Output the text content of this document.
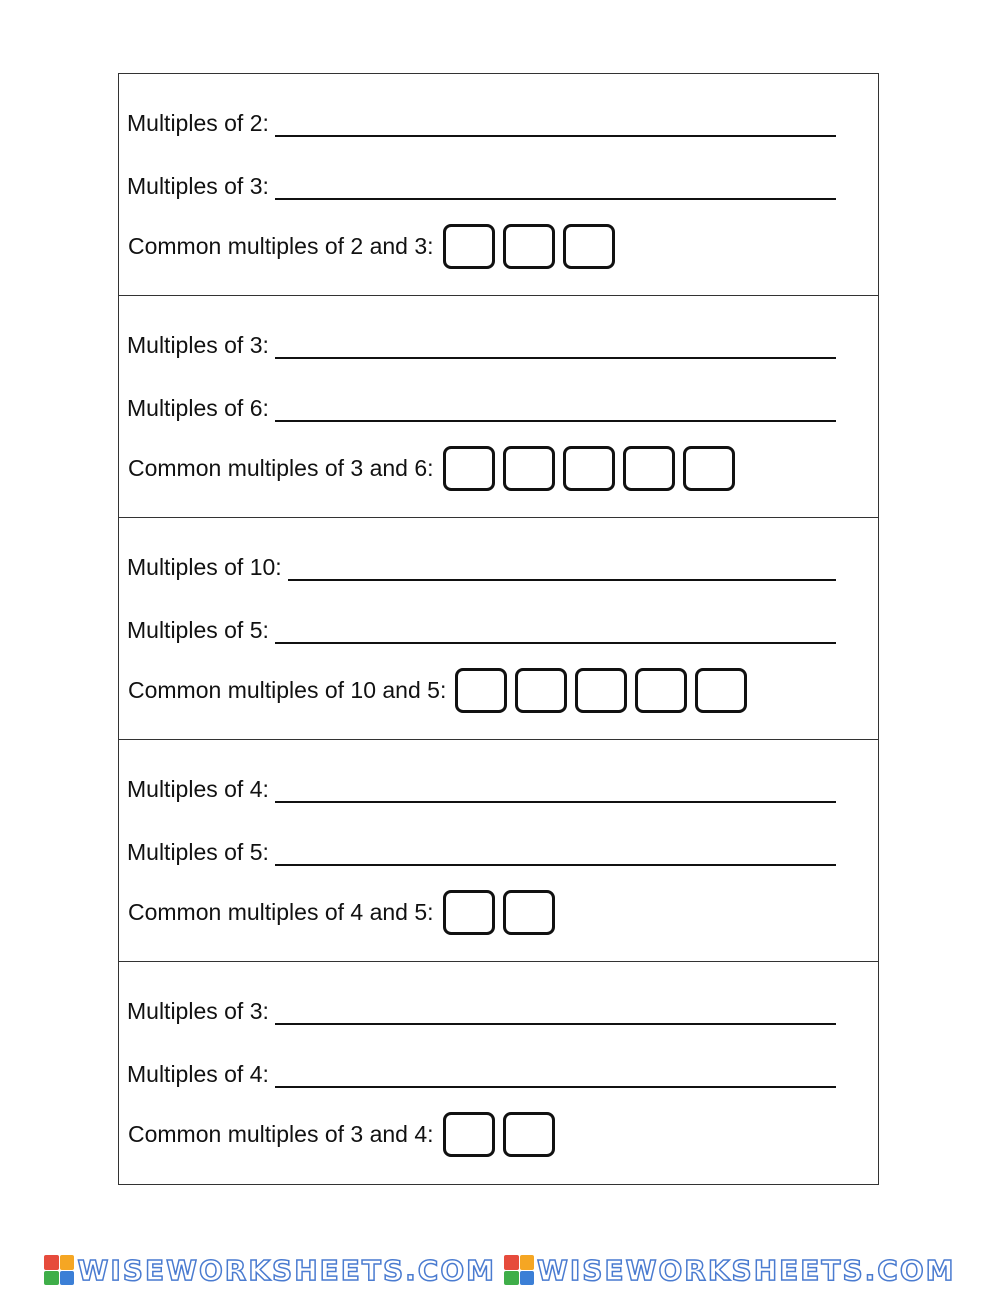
Multiples of 2:
Multiples of 3:
Common multiples of 2 and 3:
Multiples of 3:
Multiples of 6:
Common multiples of 3 and 6:
Multiples of 10:
Multiples of 5:
Common multiples of 10 and 5:
Multiples of 4:
Multiples of 5:
Common multiples of 4 and 5:
Multiples of 3:
Multiples of 4:
Common multiples of 3 and 4:
WISEWORKSHEETS.COM WISEWORKSHEETS.COM
